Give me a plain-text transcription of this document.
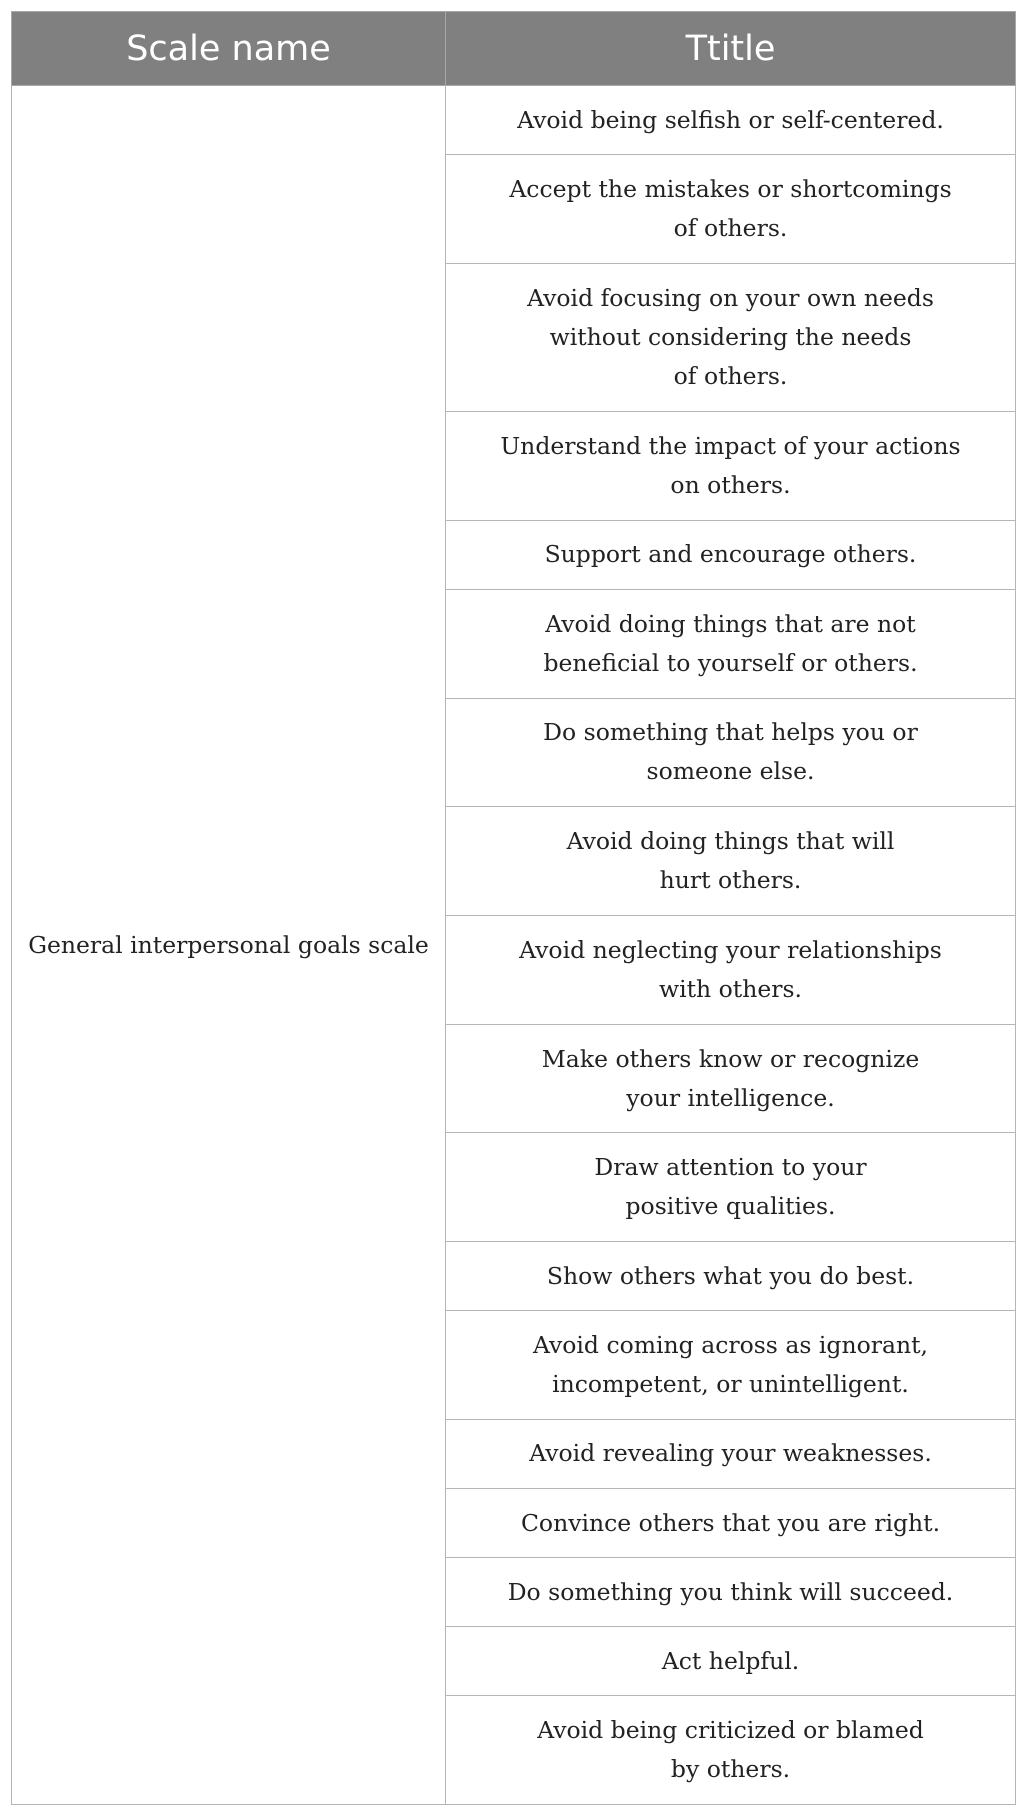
Scale name	Ttitle
General interpersonal goals scale	Avoid being selfish or self-centered.

	Accept the mistakes or shortcomings
of others.

	Avoid focusing on your own needs
without considering the needs
of others.

	Understand the impact of your actions
on others.

	Support and encourage others.

	Avoid doing things that are not
beneficial to yourself or others.

	Do something that helps you or
someone else.

	Avoid doing things that will
hurt others.

	Avoid neglecting your relationships
with others.

	Make others know or recognize
your intelligence.

	Draw attention to your
positive qualities.

	Show others what you do best.

	Avoid coming across as ignorant,
incompetent, or unintelligent.

	Avoid revealing your weaknesses.

	Convince others that you are right.

	Do something you think will succeed.

	Act helpful.

	Avoid being criticized or blamed
by others.
